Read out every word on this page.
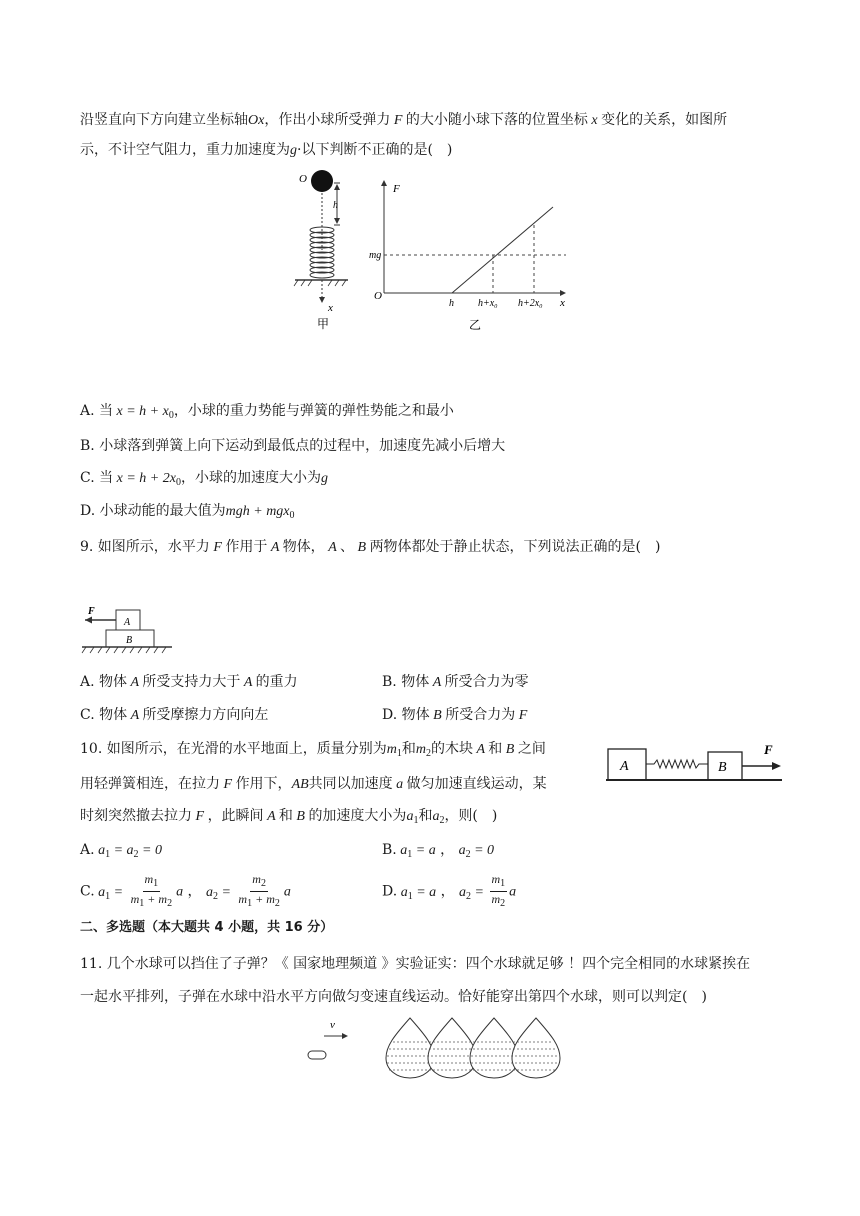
沿竖直向下方向建立坐标轴Ox，作出小球所受弹力 F 的大小随小球下落的位置坐标 x 变化的关系，如图所
示，不计空气阻力，重力加速度为g·以下判断不正确的是(　)
O
h
x
甲
F
mg
O
h h+x₀ h+2x₀ x
乙
A. 当 $x = h + x_0$，小球的重力势能与弹簧的弹性势能之和最小
B. 小球落到弹簧上向下运动到最低点的过程中，加速度先减小后增大
C. 当 $x = h + 2x_0$，小球的加速度大小为g
D. 小球动能的最大值为mgh + mgx$_0$
9. 如图所示，水平力 F 作用于 A 物体， A 、 B 两物体都处于静止状态，下列说法正确的是(　)
F
A
B
A. 物体 A 所受支持力大于 A 的重力	B. 物体 A 所受合力为零
C. 物体 A 所受摩擦力方向向左	D. 物体 B 所受合力为 F
10. 如图所示，在光滑的水平地面上，质量分别为$m_1$和$m_2$的木块 A 和 B 之间
用轻弹簧相连，在拉力 F 作用下，AB共同以加速度 a 做匀加速直线运动，某
时刻突然撤去拉力 F ，此瞬间 A 和 B 的加速度大小为$a_1$和$a_2$，则(　)
F
A	B
A. $a_1 = a_2 = 0$	B. $a_1 = a$ ， $a_2 = 0$
C. $a_1 = \frac{m_1}{m_1 + m_2}$ a ， $a_2 = \frac{m_2}{m_1 + m_2}$ a	D. $a_1 = a$ ， $a_2 = \frac{m_1}{m_2}$ a
二、多选题（本大题共 4 小题，共 16 分）
11. 几个水球可以挡住了子弹？《 国家地理频道 》实验证实：四个水球就足够 ！四个完全相同的水球紧挨在
一起水平排列，子弹在水球中沿水平方向做匀变速直线运动。恰好能穿出第四个水球，则可以判定(　)
v
